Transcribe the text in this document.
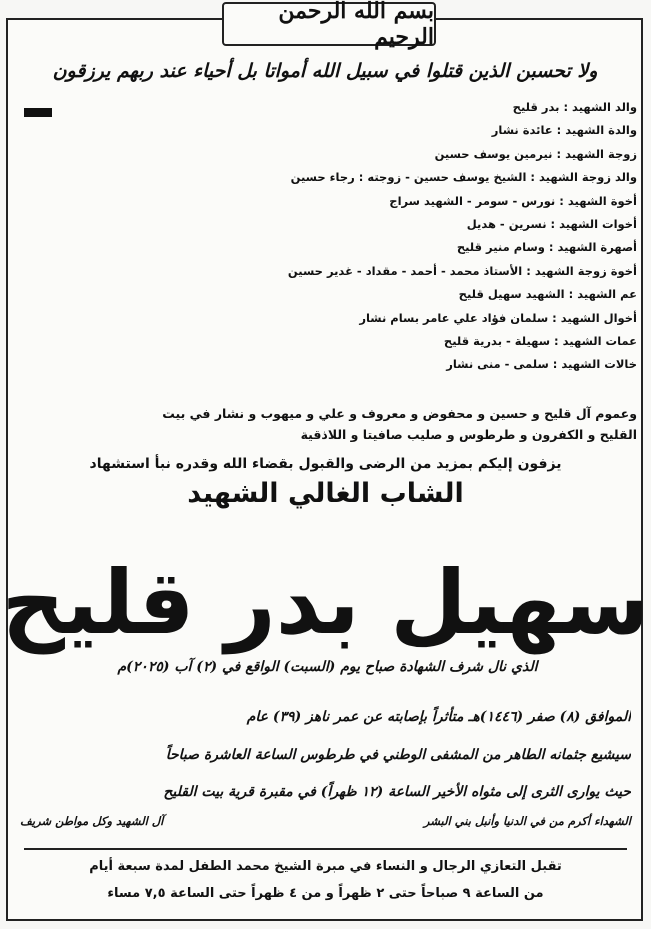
بسم الله الرحمن الرحيم
ولا تحسبن الذين قتلوا في سبيل الله أمواتا بل أحياء عند ربهم يرزقون
والد الشهيد : بدر قليح
والدة الشهيد : عائدة نشار
زوجة الشهيد : نيرمين يوسف حسين
والد زوجة الشهيد : الشيخ يوسف حسين - زوجته : رجاء حسين
أخوة الشهيد : نورس - سومر - الشهيد سراج
أخوات الشهيد : نسرين - هديل
أصهرة الشهيد : وسام منير قليح
أخوة زوجة الشهيد : الأستاذ محمد - أحمد - مقداد - غدير حسين
عم الشهيد : الشهيد سهيل قليح
أخوال الشهيد : سلمان فؤاد علي عامر بسام نشار
عمات الشهيد : سهيلة - بدرية قليح
خالات الشهيد : سلمى - منى نشار
وعموم آل قليح و حسين و محفوض و معروف و علي و ميهوب و نشار في بيت
القليح و الكفرون و طرطوس و صليب صافيتا و اللاذقية
يزفون إليكم بمزيد من الرضى والقبول بقضاء الله وقدره نبأ استشهاد
الشاب الغالي الشهيد
سهيل بدر قليح
الذي نال شرف الشهادة صباح يوم (السبت) الواقع في (٢) آب (٢٠٢٥)م
الموافق (٨) صفر (١٤٤٦)هـ متأثراً بإصابته عن عمر ناهز (٣٩) عام
سيشيع جثمانه الطاهر من المشفى الوطني في طرطوس الساعة العاشرة صباحاً
حيث يوارى الثرى إلى مثواه الأخير الساعة (١٢ ظهراً) في مقبرة قرية بيت القليح
الشهداء أكرم من في الدنيا وأنبل بني البشر
آل الشهيد وكل مواطن شريف
تقبل التعازي الرجال و النساء في مبرة الشيخ محمد الطفل لمدة سبعة أيام
من الساعة ٩ صباحاً حتى ٢ ظهراً و من ٤ ظهراً حتى الساعة ٧,٥ مساء
